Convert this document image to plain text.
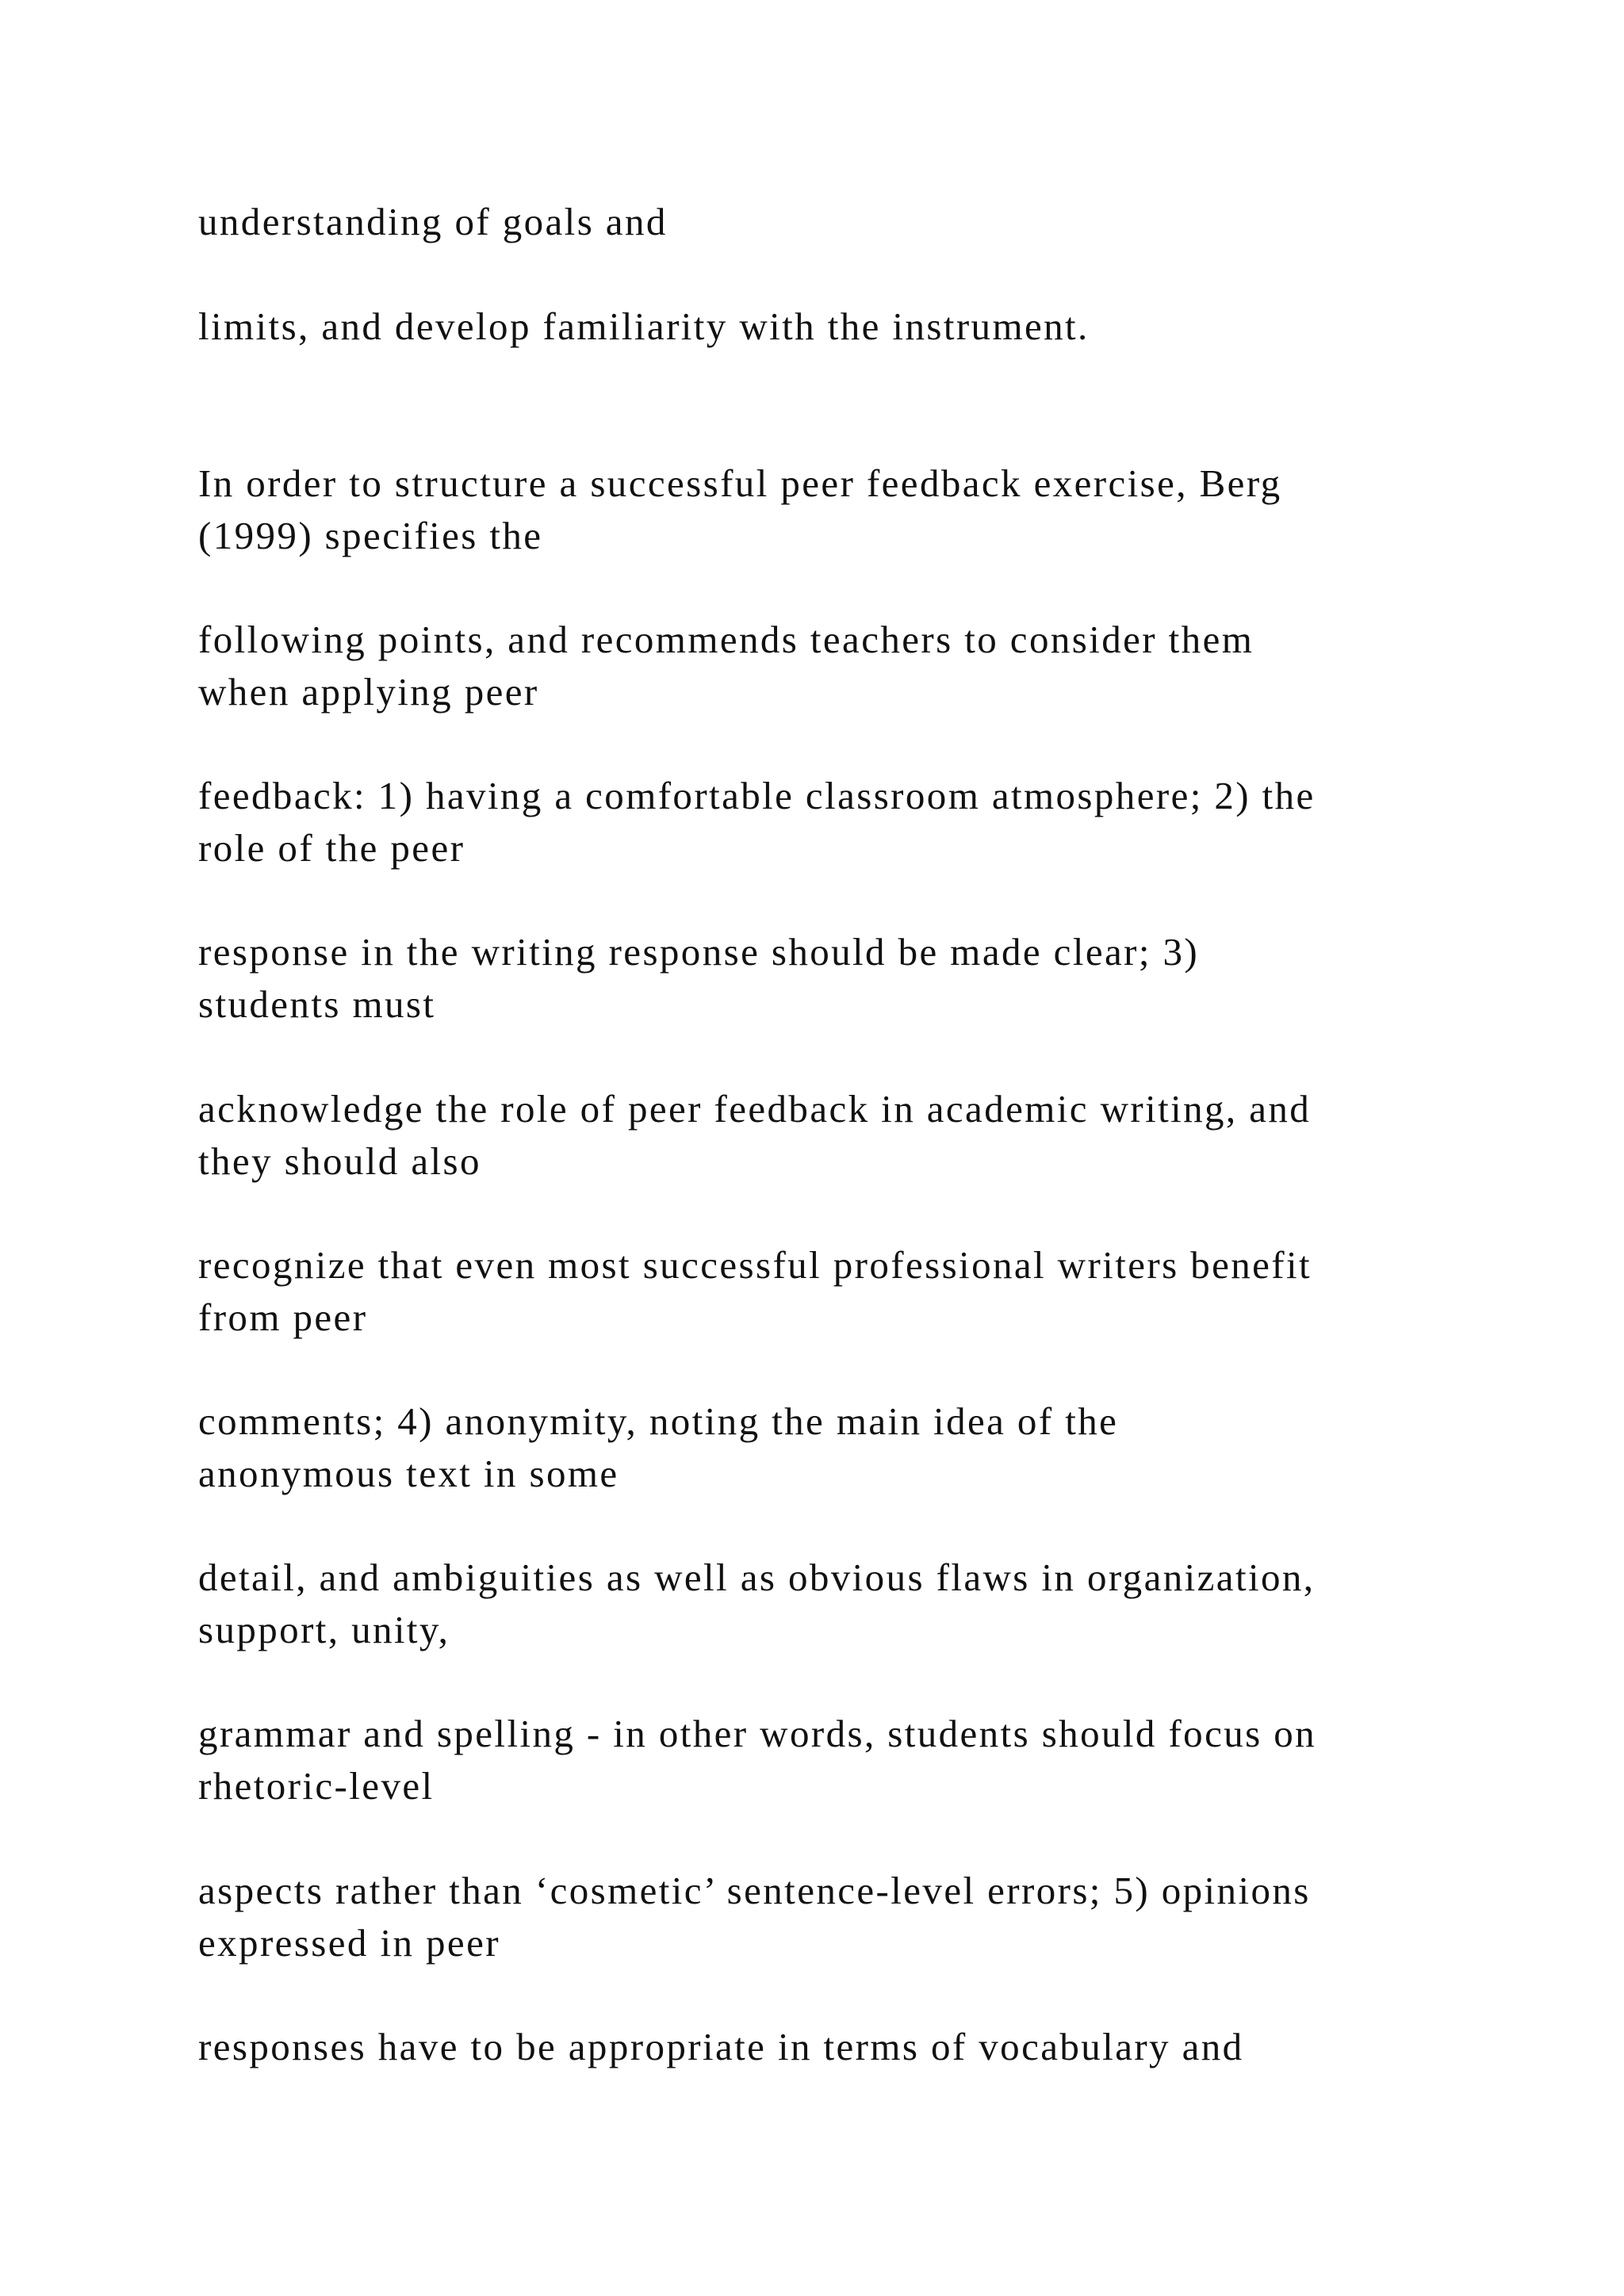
understanding of goals and

limits, and develop familiarity with the instrument.

In order to structure a successful peer feedback exercise, Berg
(1999) specifies the

following points, and recommends teachers to consider them
when applying peer

feedback: 1) having a comfortable classroom atmosphere; 2) the
role of the peer

response in the writing response should be made clear; 3)
students must

acknowledge the role of peer feedback in academic writing, and
they should also

recognize that even most successful professional writers benefit
from peer

comments; 4) anonymity, noting the main idea of the
anonymous text in some

detail, and ambiguities as well as obvious flaws in organization,
support, unity,

grammar and spelling - in other words, students should focus on
rhetoric-level

aspects rather than ‘cosmetic’ sentence-level errors; 5) opinions
expressed in peer

responses have to be appropriate in terms of vocabulary and
